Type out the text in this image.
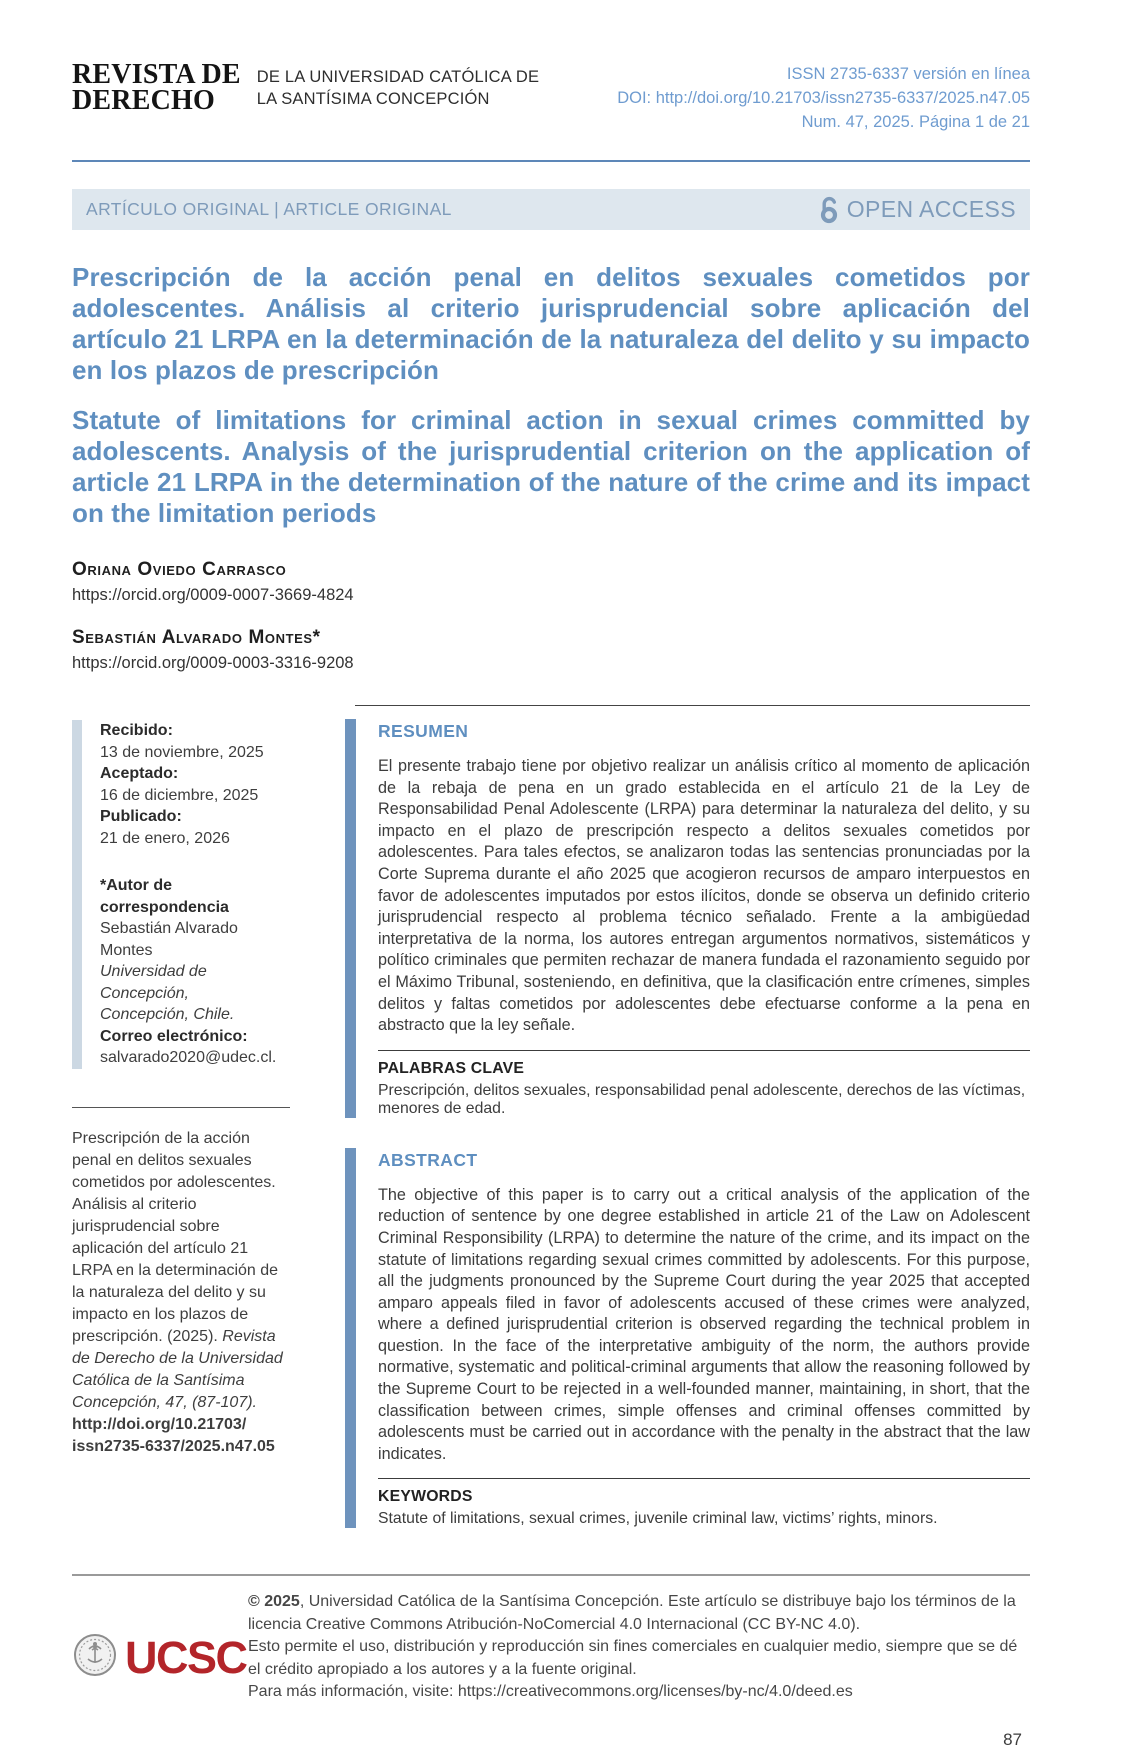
REVISTA DE
DERECHO
DE LA UNIVERSIDAD CATÓLICA DE
LA SANTÍSIMA CONCEPCIÓN
ISSN 2735-6337 versión en línea
DOI: http://doi.org/10.21703/issn2735-6337/2025.n47.05
Num. 47, 2025. Página 1 de 21
ARTÍCULO ORIGINAL | ARTICLE ORIGINAL	OPEN ACCESS
Prescripción de la acción penal en delitos sexuales cometidos por adolescentes. Análisis al criterio jurisprudencial sobre aplicación del artículo 21 LRPA en la determinación de la naturaleza del delito y su impacto en los plazos de prescripción
Statute of limitations for criminal action in sexual crimes committed by adolescents. Analysis of the jurisprudential criterion on the application of article 21 LRPA in the determination of the nature of the crime and its impact on the limitation periods
Oriana Oviedo Carrasco
https://orcid.org/0009-0007-3669-4824
Sebastián Alvarado Montes*
https://orcid.org/0009-0003-3316-9208
Recibido:
13 de noviembre, 2025
Aceptado:
16 de diciembre, 2025
Publicado:
21 de enero, 2026
*Autor de correspondencia
Sebastián Alvarado Montes
Universidad de Concepción,
Concepción, Chile.
Correo electrónico:
salvarado2020@udec.cl.
Prescripción de la acción penal en delitos sexuales cometidos por adolescentes. Análisis al criterio jurisprudencial sobre aplicación del artículo 21 LRPA en la determinación de la naturaleza del delito y su impacto en los plazos de prescripción. (2025). Revista de Derecho de la Universidad Católica de la Santísima Concepción, 47, (87-107).
http://doi.org/10.21703/
issn2735-6337/2025.n47.05
RESUMEN

El presente trabajo tiene por objetivo realizar un análisis crítico al momento de aplicación de la rebaja de pena en un grado establecida en el artículo 21 de la Ley de Responsabilidad Penal Adolescente (LRPA) para determinar la naturaleza del delito, y su impacto en el plazo de prescripción respecto a delitos sexuales cometidos por adolescentes. Para tales efectos, se analizaron todas las sentencias pronunciadas por la Corte Suprema durante el año 2025 que acogieron recursos de amparo interpuestos en favor de adolescentes imputados por estos ilícitos, donde se observa un definido criterio jurisprudencial respecto al problema técnico señalado. Frente a la ambigüedad interpretativa de la norma, los autores entregan argumentos normativos, sistemáticos y político criminales que permiten rechazar de manera fundada el razonamiento seguido por el Máximo Tribunal, sosteniendo, en definitiva, que la clasificación entre crímenes, simples delitos y faltas cometidos por adolescentes debe efectuarse conforme a la pena en abstracto que la ley señale.

PALABRAS CLAVE
Prescripción, delitos sexuales, responsabilidad penal adolescente, derechos de las víctimas, menores de edad.
ABSTRACT

The objective of this paper is to carry out a critical analysis of the application of the reduction of sentence by one degree established in article 21 of the Law on Adolescent Criminal Responsibility (LRPA) to determine the nature of the crime, and its impact on the statute of limitations regarding sexual crimes committed by adolescents. For this purpose, all the judgments pronounced by the Supreme Court during the year 2025 that accepted amparo appeals filed in favor of adolescents accused of these crimes were analyzed, where a defined jurisprudential criterion is observed regarding the technical problem in question. In the face of the interpretative ambiguity of the norm, the authors provide normative, systematic and political-criminal arguments that allow the reasoning followed by the Supreme Court to be rejected in a well-founded manner, maintaining, in short, that the classification between crimes, simple offenses and criminal offenses committed by adolescents must be carried out in accordance with the penalty in the abstract that the law indicates.

KEYWORDS
Statute of limitations, sexual crimes, juvenile criminal law, victims’ rights, minors.
UCSC
© 2025, Universidad Católica de la Santísima Concepción. Este artículo se distribuye bajo los términos de la licencia Creative Commons Atribución-NoComercial 4.0 Internacional (CC BY-NC 4.0).
Esto permite el uso, distribución y reproducción sin fines comerciales en cualquier medio, siempre que se dé el crédito apropiado a los autores y a la fuente original.
Para más información, visite: https://creativecommons.org/licenses/by-nc/4.0/deed.es
87
